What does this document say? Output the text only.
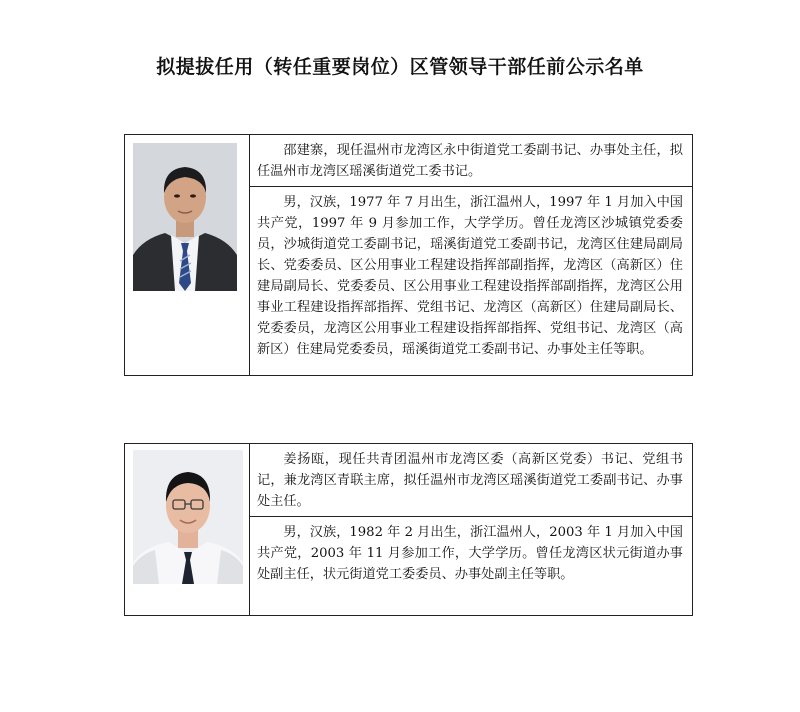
拟提拔任用（转任重要岗位）区管领导干部任前公示名单
邵建寨，现任温州市龙湾区永中街道党工委副书记、办事处主任，拟任温州市龙湾区瑶溪街道党工委书记。
男，汉族，1977 年 7 月出生，浙江温州人，1997 年 1 月加入中国共产党，1997 年 9 月参加工作，大学学历。曾任龙湾区沙城镇党委委员，沙城街道党工委副书记，瑶溪街道党工委副书记，龙湾区住建局副局长、党委委员、区公用事业工程建设指挥部副指挥，龙湾区（高新区）住建局副局长、党委委员、区公用事业工程建设指挥部副指挥，龙湾区公用事业工程建设指挥部指挥、党组书记、龙湾区（高新区）住建局副局长、党委委员，龙湾区公用事业工程建设指挥部指挥、党组书记、龙湾区（高新区）住建局党委委员，瑶溪街道党工委副书记、办事处主任等职。
姜扬瓯，现任共青团温州市龙湾区委（高新区党委）书记、党组书记，兼龙湾区青联主席，拟任温州市龙湾区瑶溪街道党工委副书记、办事处主任。
男，汉族，1982 年 2 月出生，浙江温州人，2003 年 1 月加入中国共产党，2003 年 11 月参加工作，大学学历。曾任龙湾区状元街道办事处副主任，状元街道党工委委员、办事处副主任等职。
